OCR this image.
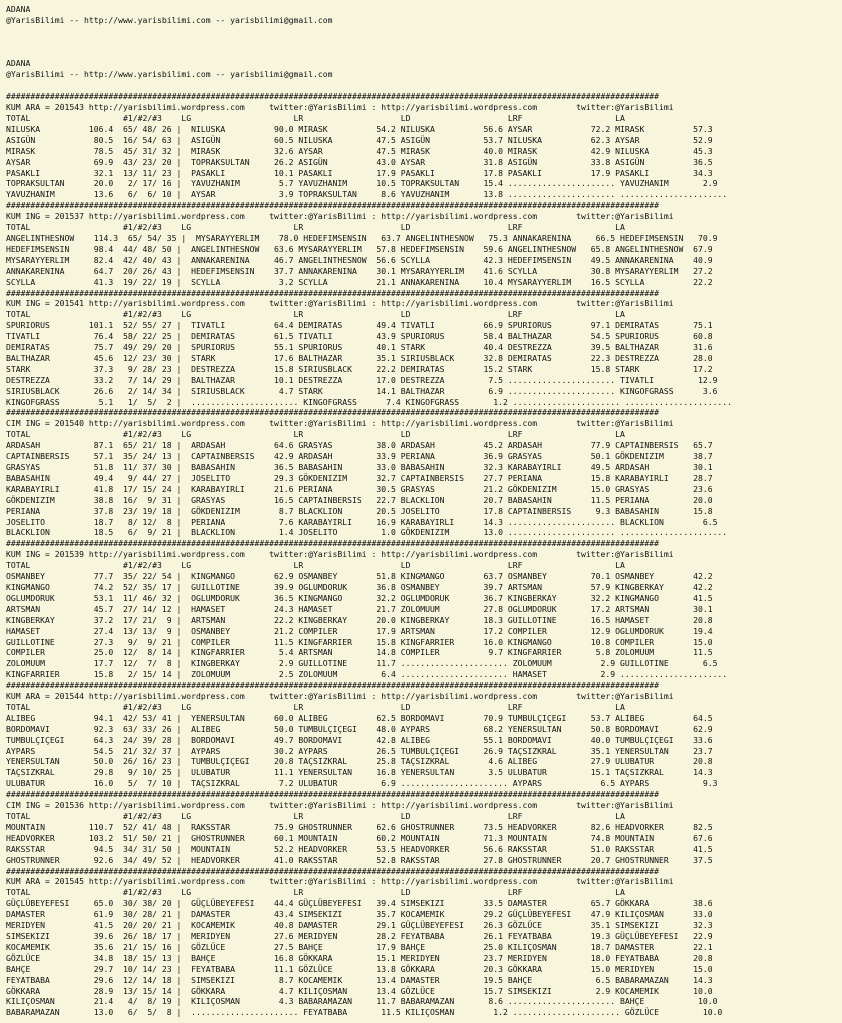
ADANA
@YarisBilimi -- http://www.yarisbilimi.com -- yarisbilimi@gmail.com
ADANA
@YarisBilimi -- http://www.yarisbilimi.com -- yarisbilimi@gmail.com
######################################################################################################################################
KUM ARA = 201543 http://yarisbilimi.wordpress.com     twitter:@YarisBilimi : http://yarisbilimi.wordpress.com        twitter:@YarisBilimi
TOTAL                   #1/#2/#3    LG                     LR                    LD                    LRF                   LA
NILUSKA          106.4  65/ 48/ 26 |  NILUSKA          90.0 MIRASK          54.2 NILUSKA          56.6 AYSAR            72.2 MIRASK          57.3
ASIGÜN            80.5  16/ 54/ 63 |  ASIGÜN           60.5 NILUSKA         47.5 ASIGÜN           53.7 NILUSKA          62.3 AYSAR           52.9
MIRASK            78.5  45/ 31/ 32 |  MIRASK           32.6 AYSAR           47.5 MIRASK           40.0 MIRASK           42.9 NILUSKA         45.3
AYSAR             69.9  43/ 23/ 20 |  TOPRAKSULTAN     26.2 ASIGÜN          43.0 AYSAR            31.8 ASIGÜN           33.8 ASIGÜN          36.5
PASAKLI           32.1  13/ 11/ 23 |  PASAKLI          10.1 PASAKLI         17.9 PASAKLI          17.8 PASAKLI          17.9 PASAKLI         34.3
TOPRAKSULTAN      20.0   2/ 17/ 16 |  YAVUZHANIM        5.7 YAVUZHANIM      10.5 TOPRAKSULTAN     15.4 ...................... YAVUZHANIM       2.9
YAVUZHANIM        13.6   6/  6/ 10 |  AYSAR             3.9 TOPRAKSULTAN     8.6 YAVUZHANIM       13.8 ...................... ......................
######################################################################################################################################
KUM ING = 201537 http://yarisbilimi.wordpress.com     twitter:@YarisBilimi : http://yarisbilimi.wordpress.com        twitter:@YarisBilimi
TOTAL                   #1/#2/#3    LG                     LR                    LD                    LRF                   LA
ANGELINTHESNOW    114.3  65/ 54/ 35 |  MYSARAYYERLIM    78.0 HEDEFIMSENSIN   63.7 ANGELINTHESNOW   75.3 ANNAKARENINA     66.5 HEDEFIMSENSIN   70.9
HEDEFIMSENSIN     98.4  44/ 48/ 50 |  ANGELINTHESNOW   63.6 MYSARAYYERLIM   57.8 HEDEFIMSENSIN    59.6 ANGELINTHESNOW   65.8 ANGELINTHESNOW  67.9
MYSARAYYERLIM     82.4  42/ 40/ 43 |  ANNAKARENINA     46.7 ANGELINTHESNOW  56.6 SCYLLA           42.3 HEDEFIMSENSIN    49.5 ANNAKARENINA    40.9
ANNAKARENINA      64.7  20/ 26/ 43 |  HEDEFIMSENSIN    37.7 ANNAKARENINA    30.1 MYSARAYYERLIM    41.6 SCYLLA           30.8 MYSARAYYERLIM   27.2
SCYLLA            41.3  19/ 22/ 19 |  SCYLLA            3.2 SCYLLA          21.1 ANNAKARENINA     10.4 MYSARAYYERLIM    16.5 SCYLLA          22.2
######################################################################################################################################
KUM ING = 201541 http://yarisbilimi.wordpress.com     twitter:@YarisBilimi : http://yarisbilimi.wordpress.com        twitter:@YarisBilimi
TOTAL                   #1/#2/#3    LG                     LR                    LD                    LRF                   LA
SPURIORUS        101.1  52/ 55/ 27 |  TIVATLI          64.4 DEMIRATAS       49.4 TIVATLI          66.9 SPURIORUS        97.1 DEMIRATAS       75.1
TIVATLI           76.4  58/ 22/ 25 |  DEMIRATAS        61.5 TIVATLI         43.9 SPURIORUS        58.4 BALTHAZAR        54.5 SPURIORUS       60.8
DEMIRATAS         75.7  49/ 29/ 20 |  SPURIORUS        55.1 SPURIORUS       40.1 STARK            40.4 DESTREZZA        39.5 BALTHAZAR       31.6
BALTHAZAR         45.6  12/ 23/ 30 |  STARK            17.6 BALTHAZAR       35.1 SIRIUSBLACK      32.8 DEMIRATAS        22.3 DESTREZZA       28.0
STARK             37.3   9/ 28/ 23 |  DESTREZZA        15.8 SIRIUSBLACK     22.2 DEMIRATAS        15.2 STARK            15.8 STARK           17.2
DESTREZZA         33.2   7/ 14/ 29 |  BALTHAZAR        10.1 DESTREZZA       17.0 DESTREZZA         7.5 ...................... TIVATLI         12.9
SIRIUSBLACK       26.6   2/ 14/ 34 |  SIRIUSBLACK       4.7 STARK           14.1 BALTHAZAR         6.9 ...................... KINGOFGRASS      3.6
KINGOFGRASS        5.1   1/  5/  2 |  ...................... KINGOFGRASS      7.4 KINGOFGRASS       1.2 ...................... ......................
######################################################################################################################################
CIM ING = 201540 http://yarisbilimi.wordpress.com     twitter:@YarisBilimi : http://yarisbilimi.wordpress.com        twitter:@YarisBilimi
TOTAL                   #1/#2/#3    LG                     LR                    LD                    LRF                   LA
ARDASAH           87.1  65/ 21/ 18 |  ARDASAH          64.6 GRASYAS         38.0 ARDASAH          45.2 ARDASAH          77.9 CAPTAINBERSIS   65.7
CAPTAINBERSIS     57.1  35/ 24/ 13 |  CAPTAINBERSIS    42.9 ARDASAH         33.9 PERIANA          36.9 GRASYAS          50.1 GÖKDENIZIM      38.7
GRASYAS           51.8  11/ 37/ 30 |  BABASAHIN        36.5 BABASAHIN       33.0 BABASAHIN        32.3 KARABAYIRLI      49.5 ARDASAH         30.1
BABASAHIN         49.4   9/ 44/ 27 |  JOSELITO         29.3 GÖKDENIZIM      32.7 CAPTAINBERSIS    27.7 PERIANA          15.8 KARABAYIRLI     28.7
KARABAYIRLI       41.8  17/ 15/ 24 |  KARABAYIRLI      21.6 PERIANA         30.5 GRASYAS          21.2 GÖKDENIZIM       15.0 GRASYAS         23.6
GÖKDENIZIM        38.8  16/  9/ 31 |  GRASYAS          16.5 CAPTAINBERSIS   22.7 BLACKLION        20.7 BABASAHIN        11.5 PERIANA         20.0
PERIANA           37.8  23/ 19/ 18 |  GÖKDENIZIM        8.7 BLACKLION       20.5 JOSELITO         17.8 CAPTAINBERSIS     9.3 BABASAHIN       15.8
JOSELITO          18.7   8/ 12/  8 |  PERIANA           7.6 KARABAYIRLI     16.9 KARABAYIRLI      14.3 ...................... BLACKLION        6.5
BLACKLION         18.5   6/  9/ 21 |  BLACKLION         1.4 JOSELITO         1.0 GÖKDENIZIM       13.0 ...................... ......................
######################################################################################################################################
KUM ING = 201539 http://yarisbilimi.wordpress.com     twitter:@YarisBilimi : http://yarisbilimi.wordpress.com        twitter:@YarisBilimi
TOTAL                   #1/#2/#3    LG                     LR                    LD                    LRF                   LA
OSMANBEY          77.7  35/ 22/ 54 |  KINGMANGO        62.9 OSMANBEY        51.8 KINGMANGO        63.7 OSMANBEY         70.1 OSMANBEY        42.2
KINGMANGO         74.2  52/ 35/ 17 |  GUILLOTINE       39.9 OGLUMDORUK      36.8 OSMANBEY         39.7 ARTSMAN          57.9 KINGBERKAY      42.2
OGLUMDORUK        53.1  11/ 46/ 32 |  OGLUMDORUK       36.5 KINGMANGO       32.2 OGLUMDORUK       36.7 KINGBERKAY       32.2 KINGMANGO       41.5
ARTSMAN           45.7  27/ 14/ 12 |  HAMASET          24.3 HAMASET         21.7 ZOLOMUUM         27.8 OGLUMDORUK       17.2 ARTSMAN         30.1
KINGBERKAY        37.2  17/ 21/  9 |  ARTSMAN          22.2 KINGBERKAY      20.0 KINGBERKAY       18.3 GUILLOTINE       16.5 HAMASET         20.8
HAMASET           27.4  13/ 13/  9 |  OSMANBEY         21.2 COMPILER        17.9 ARTSMAN          17.2 COMPILER         12.9 OGLUMDORUK      19.4
GUILLOTINE        27.3   9/  9/ 21 |  COMPILER         11.5 KINGFARRIER     15.8 KINGFARRIER      16.0 KINGMANGO        10.8 COMPILER        15.0
COMPILER          25.0  12/  8/ 14 |  KINGFARRIER       5.4 ARTSMAN         14.8 COMPILER          9.7 KINGFARRIER       5.8 ZOLOMUUM        11.5
ZOLOMUUM          17.7  12/  7/  8 |  KINGBERKAY        2.9 GUILLOTINE      11.7 ...................... ZOLOMUUM          2.9 GUILLOTINE       6.5
KINGFARRIER       15.8   2/ 15/ 14 |  ZOLOMUUM          2.5 ZOLOMUUM         6.4 ...................... HAMASET           2.9 ......................
######################################################################################################################################
KUM ARA = 201544 http://yarisbilimi.wordpress.com     twitter:@YarisBilimi : http://yarisbilimi.wordpress.com        twitter:@YarisBilimi
TOTAL                   #1/#2/#3    LG                     LR                    LD                    LRF                   LA
ALIBEG            94.1  42/ 53/ 41 |  YENERSULTAN      60.0 ALIBEG          62.5 BORDOMAVI        70.9 TUMBULÇIÇEGI     53.7 ALIBEG          64.5
BORDOMAVI         92.3  63/ 33/ 26 |  ALIBEG           50.0 TUMBULÇIÇEGI    48.0 AYPARS           68.2 YENERSULTAN      50.8 BORDOMAVI       62.9
TUMBULÇIÇEGI      64.3  24/ 39/ 28 |  BORDOMAVI        49.7 BORDOMAVI       42.8 ALIBEG           55.1 BORDOMAVI        40.0 TUMBULÇIÇEGI    33.6
AYPARS            54.5  21/ 32/ 37 |  AYPARS           30.2 AYPARS          26.5 TUMBULÇIÇEGI     26.9 TAÇSIZKRAL       35.1 YENERSULTAN     23.7
YENERSULTAN       50.0  26/ 16/ 23 |  TUMBULÇIÇEGI     20.8 TAÇSIZKRAL      25.8 TAÇSIZKRAL        4.6 ALIBEG           27.9 ULUBATUR        20.8
TAÇSIZKRAL        29.8   9/ 10/ 25 |  ULUBATUR         11.1 YENERSULTAN     16.8 YENERSULTAN       3.5 ULUBATUR         15.1 TAÇSIZKRAL      14.3
ULUBATUR          16.0   5/  7/ 10 |  TAÇSIZKRAL        7.2 ULUBATUR         6.9 ...................... AYPARS            6.5 AYPARS           9.3
######################################################################################################################################
CIM ING = 201536 http://yarisbilimi.wordpress.com     twitter:@YarisBilimi : http://yarisbilimi.wordpress.com        twitter:@YarisBilimi
TOTAL                   #1/#2/#3    LG                     LR                    LD                    LRF                   LA
MOUNTAIN         110.7  52/ 41/ 48 |  RAKSSTAR         75.9 GHOSTRUNNER     62.6 GHOSTRUNNER      73.5 HEADVORKER       82.6 HEADVORKER      82.5
HEADVORKER       103.2  51/ 50/ 21 |  GHOSTRUNNER      60.1 MOUNTAIN        60.2 MOUNTAIN         71.3 MOUNTAIN         74.8 MOUNTAIN        67.6
RAKSSTAR          94.5  34/ 31/ 50 |  MOUNTAIN         52.2 HEADVORKER      53.5 HEADVORKER       56.6 RAKSSTAR         51.0 RAKSSTAR        41.5
GHOSTRUNNER       92.6  34/ 49/ 52 |  HEADVORKER       41.0 RAKSSTAR        52.8 RAKSSTAR         27.8 GHOSTRUNNER      20.7 GHOSTRUNNER     37.5
######################################################################################################################################
KUM ARA = 201545 http://yarisbilimi.wordpress.com     twitter:@YarisBilimi : http://yarisbilimi.wordpress.com        twitter:@YarisBilimi
TOTAL                   #1/#2/#3    LG                     LR                    LD                    LRF                   LA
GÜÇLÜBEYEFESI     65.0  30/ 38/ 20 |  GÜÇLÜBEYEFESI    44.4 GÜÇLÜBEYEFESI   39.4 SIMSEKIZI        33.5 DAMASTER         65.7 GÖKKARA         38.6
DAMASTER          61.9  30/ 28/ 21 |  DAMASTER         43.4 SIMSEKIZI       35.7 KOCAMEMIK        29.2 GÜÇLÜBEYEFESI    47.9 KILIÇOSMAN      33.0
MERIDYEN          41.5  20/ 20/ 21 |  KOCAMEMIK        40.8 DAMASTER        29.1 GÜÇLÜBEYEFESI    26.3 GÖZLÜCE          35.1 SIMSEKIZI       32.3
SIMSEKIZI         39.6  26/ 18/ 17 |  MERIDYEN         27.6 MERIDYEN        28.2 FEYATBABA        26.1 FEYATBABA        19.3 GÜÇLÜBEYEFESI   22.9
KOCAMEMIK         35.6  21/ 15/ 16 |  GÖZLÜCE          27.5 BAHÇE           17.9 BAHÇE            25.0 KILIÇOSMAN       18.7 DAMASTER        22.1
GÖZLÜCE           34.8  18/ 15/ 13 |  BAHÇE            16.8 GÖKKARA         15.1 MERIDYEN         23.7 MERIDYEN         18.0 FEYATBABA       20.8
BAHÇE             29.7  10/ 14/ 23 |  FEYATBABA        11.1 GÖZLÜCE         13.8 GÖKKARA          20.3 GÖKKARA          15.0 MERIDYEN        15.0
FEYATBABA         29.6  12/ 14/ 18 |  SIMSEKIZI         8.7 KOCAMEMIK       13.4 DAMASTER         19.5 BAHÇE             6.5 BABARAMAZAN     14.3
GÖKKARA           28.9  13/ 15/ 14 |  GÖKKARA           4.7 KILIÇOSMAN      13.4 GÖZLÜCE          15.7 SIMSEKIZI         2.9 KOCAMEMIK       10.0
KILIÇOSMAN        21.4   4/  8/ 19 |  KILIÇOSMAN        4.3 BABARAMAZAN     11.7 BABARAMAZAN       8.6 ...................... BAHÇE           10.0
BABARAMAZAN       13.0   6/  5/  8 |  ...................... FEYATBABA       11.5 KILIÇOSMAN        1.2 ...................... GÖZLÜCE         10.0
